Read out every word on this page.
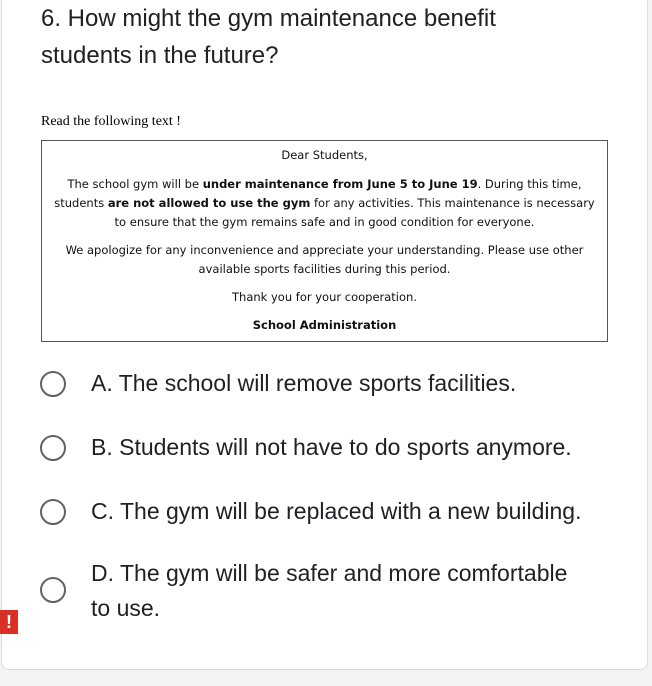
6. How might the gym maintenance benefit
students in the future?
Read the following text !

Dear Students,

The school gym will be under maintenance from June 5 to June 19. During this time, students are not allowed to use the gym for any activities. This maintenance is necessary to ensure that the gym remains safe and in good condition for everyone.

We apologize for any inconvenience and appreciate your understanding. Please use other available sports facilities during this period.

Thank you for your cooperation.

School Administration

A. The school will remove sports facilities.
B. Students will not have to do sports anymore.
C. The gym will be replaced with a new building.
D. The gym will be safer and more comfortable
to use.
!
